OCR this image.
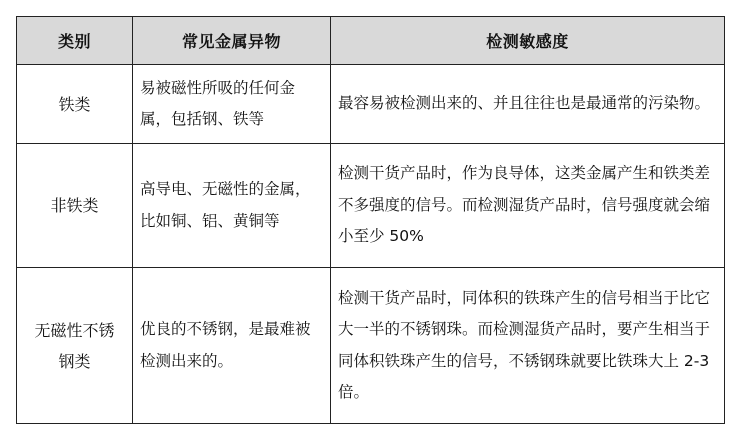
类别	常见金属异物	检测敏感度
铁类	易被磁性所吸的任何金属，包括钢、铁等	最容易被检测出来的、并且往往也是最通常的污染物。
非铁类	高导电、无磁性的金属，比如铜、铝、黄铜等	检测干货产品时，作为良导体，这类金属产生和铁类差不多强度的信号。而检测湿货产品时，信号强度就会缩小至少 50%
无磁性不锈钢类	优良的不锈钢，是最难被检测出来的。	检测干货产品时，同体积的铁珠产生的信号相当于比它大一半的不锈钢珠。而检测湿货产品时，要产生相当于同体积铁珠产生的信号，不锈钢珠就要比铁珠大上 2-3 倍。
